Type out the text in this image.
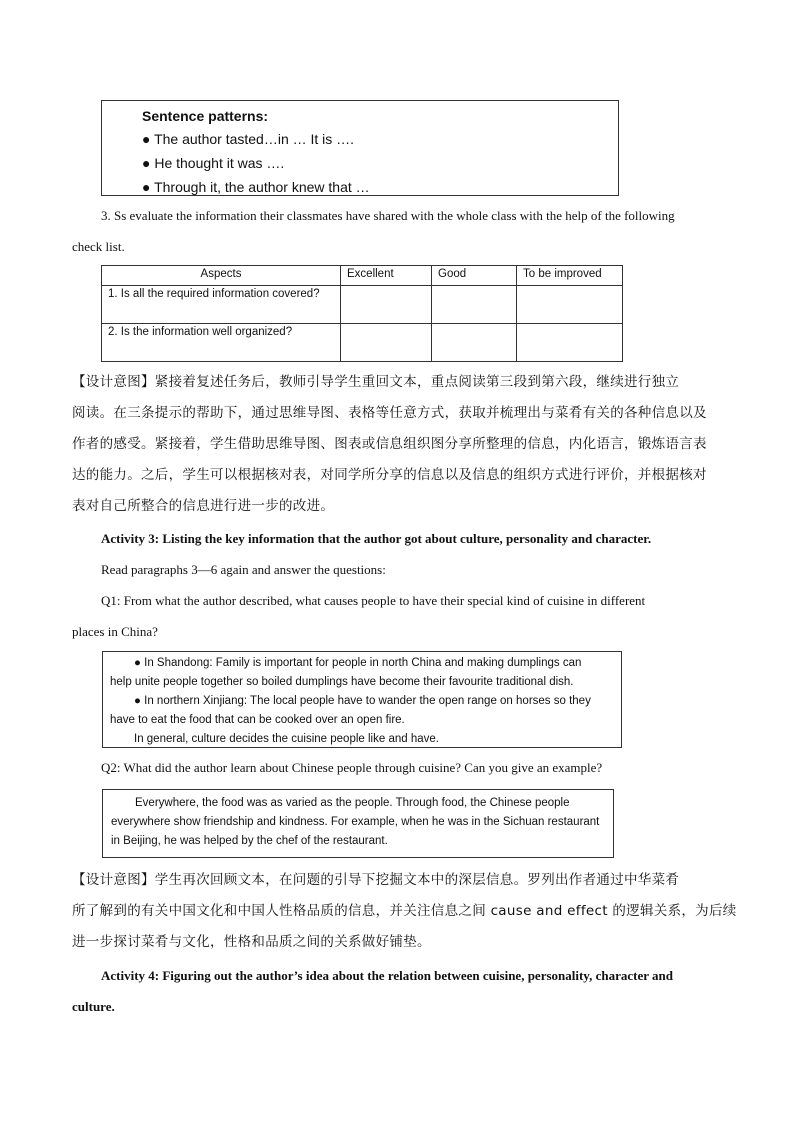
Sentence patterns:
● The author tasted…in … It is ….
● He thought it was ….
● Through it, the author knew that …
3. Ss evaluate the information their classmates have shared with the whole class with the help of the following
check list.
Aspects	Excellent	Good	To be improved
1. Is all the required information covered?			
2. Is the information well organized?			
【设计意图】紧接着复述任务后，教师引导学生重回文本，重点阅读第三段到第六段，继续进行独立
阅读。在三条提示的帮助下，通过思维导图、表格等任意方式，获取并梳理出与菜肴有关的各种信息以及
作者的感受。紧接着，学生借助思维导图、图表或信息组织图分享所整理的信息，内化语言，锻炼语言表
达的能力。之后，学生可以根据核对表，对同学所分享的信息以及信息的组织方式进行评价，并根据核对
表对自己所整合的信息进行进一步的改进。
Activity 3: Listing the key information that the author got about culture, personality and character.
Read paragraphs 3—6 again and answer the questions:
Q1: From what the author described, what causes people to have their special kind of cuisine in different
places in China?
● In Shandong: Family is important for people in north China and making dumplings can
help unite people together so boiled dumplings have become their favourite traditional dish.
● In northern Xinjiang: The local people have to wander the open range on horses so they
have to eat the food that can be cooked over an open fire.
In general, culture decides the cuisine people like and have.
Q2: What did the author learn about Chinese people through cuisine? Can you give an example?
Everywhere, the food was as varied as the people. Through food, the Chinese people
everywhere show friendship and kindness. For example, when he was in the Sichuan restaurant
in Beijing, he was helped by the chef of the restaurant.
【设计意图】学生再次回顾文本，在问题的引导下挖掘文本中的深层信息。罗列出作者通过中华菜肴
所了解到的有关中国文化和中国人性格品质的信息，并关注信息之间 cause and effect 的逻辑关系，为后续
进一步探讨菜肴与文化，性格和品质之间的关系做好铺垫。
Activity 4: Figuring out the author’s idea about the relation between cuisine, personality, character and
culture.
